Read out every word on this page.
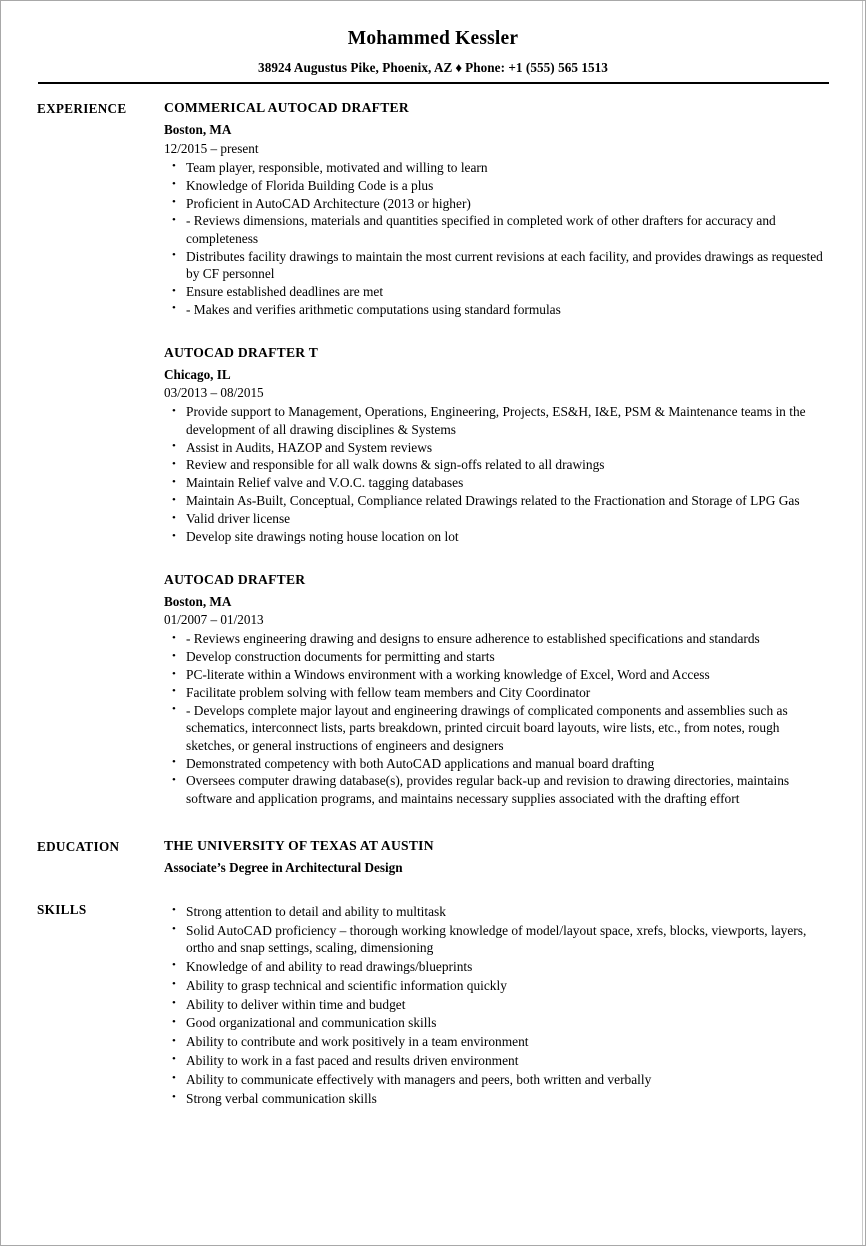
Mohammed Kessler
38924 Augustus Pike, Phoenix, AZ ♦ Phone: +1 (555) 565 1513
EXPERIENCE	COMMERICAL AUTOCAD DRAFTER
Boston, MA
12/2015 – present
• Team player, responsible, motivated and willing to learn
• Knowledge of Florida Building Code is a plus
• Proficient in AutoCAD Architecture (2013 or higher)
• - Reviews dimensions, materials and quantities specified in completed work of other drafters for accuracy and completeness
• Distributes facility drawings to maintain the most current revisions at each facility, and provides drawings as requested by CF personnel
• Ensure established deadlines are met
• - Makes and verifies arithmetic computations using standard formulas
AUTOCAD DRAFTER T
Chicago, IL
03/2013 – 08/2015
• Provide support to Management, Operations, Engineering, Projects, ES&H, I&E, PSM & Maintenance teams in the development of all drawing disciplines & Systems
• Assist in Audits, HAZOP and System reviews
• Review and responsible for all walk downs & sign-offs related to all drawings
• Maintain Relief valve and V.O.C. tagging databases
• Maintain As-Built, Conceptual, Compliance related Drawings related to the Fractionation and Storage of LPG Gas
• Valid driver license
• Develop site drawings noting house location on lot
AUTOCAD DRAFTER
Boston, MA
01/2007 – 01/2013
• - Reviews engineering drawing and designs to ensure adherence to established specifications and standards
• Develop construction documents for permitting and starts
• PC-literate within a Windows environment with a working knowledge of Excel, Word and Access
• Facilitate problem solving with fellow team members and City Coordinator
• - Develops complete major layout and engineering drawings of complicated components and assemblies such as schematics, interconnect lists, parts breakdown, printed circuit board layouts, wire lists, etc., from notes, rough sketches, or general instructions of engineers and designers
• Demonstrated competency with both AutoCAD applications and manual board drafting
• Oversees computer drawing database(s), provides regular back-up and revision to drawing directories, maintains software and application programs, and maintains necessary supplies associated with the drafting effort
EDUCATION	THE UNIVERSITY OF TEXAS AT AUSTIN
Associate’s Degree in Architectural Design
SKILLS	• Strong attention to detail and ability to multitask
• Solid AutoCAD proficiency – thorough working knowledge of model/layout space, xrefs, blocks, viewports, layers, ortho and snap settings, scaling, dimensioning
• Knowledge of and ability to read drawings/blueprints
• Ability to grasp technical and scientific information quickly
• Ability to deliver within time and budget
• Good organizational and communication skills
• Ability to contribute and work positively in a team environment
• Ability to work in a fast paced and results driven environment
• Ability to communicate effectively with managers and peers, both written and verbally
• Strong verbal communication skills
